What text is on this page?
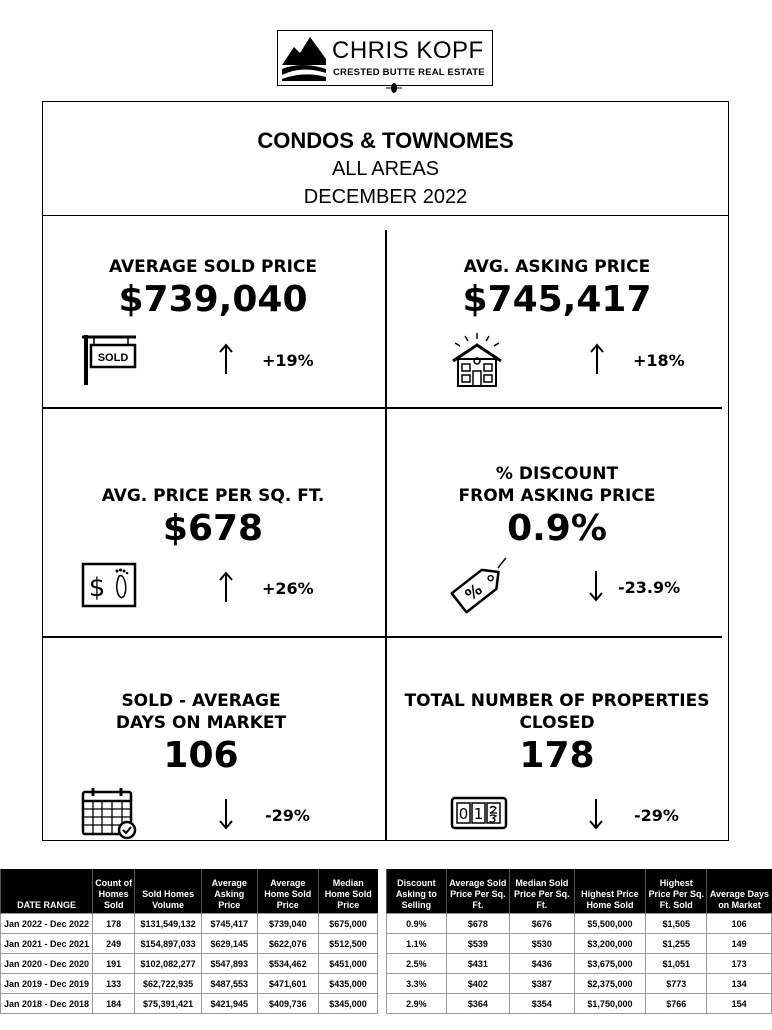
CHRIS KOPF
CRESTED BUTTE REAL ESTATE
CONDOS & TOWNOMES
ALL AREAS
DECEMBER 2022
AVERAGE SOLD PRICE
$739,040
SOLD	+19%
AVG. ASKING PRICE
$745,417
+18%
AVG. PRICE PER SQ. FT.
$678
$	+26%
% DISCOUNT
FROM ASKING PRICE
0.9%
%	-23.9%
SOLD - AVERAGE
DAYS ON MARKET
106
-29%
TOTAL NUMBER OF PROPERTIES
CLOSED
178
0 1	-29%
DATE RANGE	Count of Homes Sold	Sold Homes Volume	Average Asking Price	Average Home Sold Price	Median Home Sold Price
Jan 2022 - Dec 2022	178	$131,549,132	$745,417	$739,040	$675,000
Jan 2021 - Dec 2021	249	$154,897,033	$629,145	$622,076	$512,500
Jan 2020 - Dec 2020	191	$102,082,277	$547,893	$534,462	$451,000
Jan 2019 - Dec 2019	133	$62,722,935	$487,553	$471,601	$435,000
Jan 2018 - Dec 2018	184	$75,391,421	$421,945	$409,736	$345,000
Discount Asking to Selling	Average Sold Price Per Sq. Ft.	Median Sold Price Per Sq. Ft.	Highest Price Home Sold	Highest Price Per Sq. Ft. Sold	Average Days on Market
0.9%	$678	$676	$5,500,000	$1,505	106
1.1%	$539	$530	$3,200,000	$1,255	149
2.5%	$431	$436	$3,675,000	$1,051	173
3.3%	$402	$387	$2,375,000	$773	134
2.9%	$364	$354	$1,750,000	$766	154
